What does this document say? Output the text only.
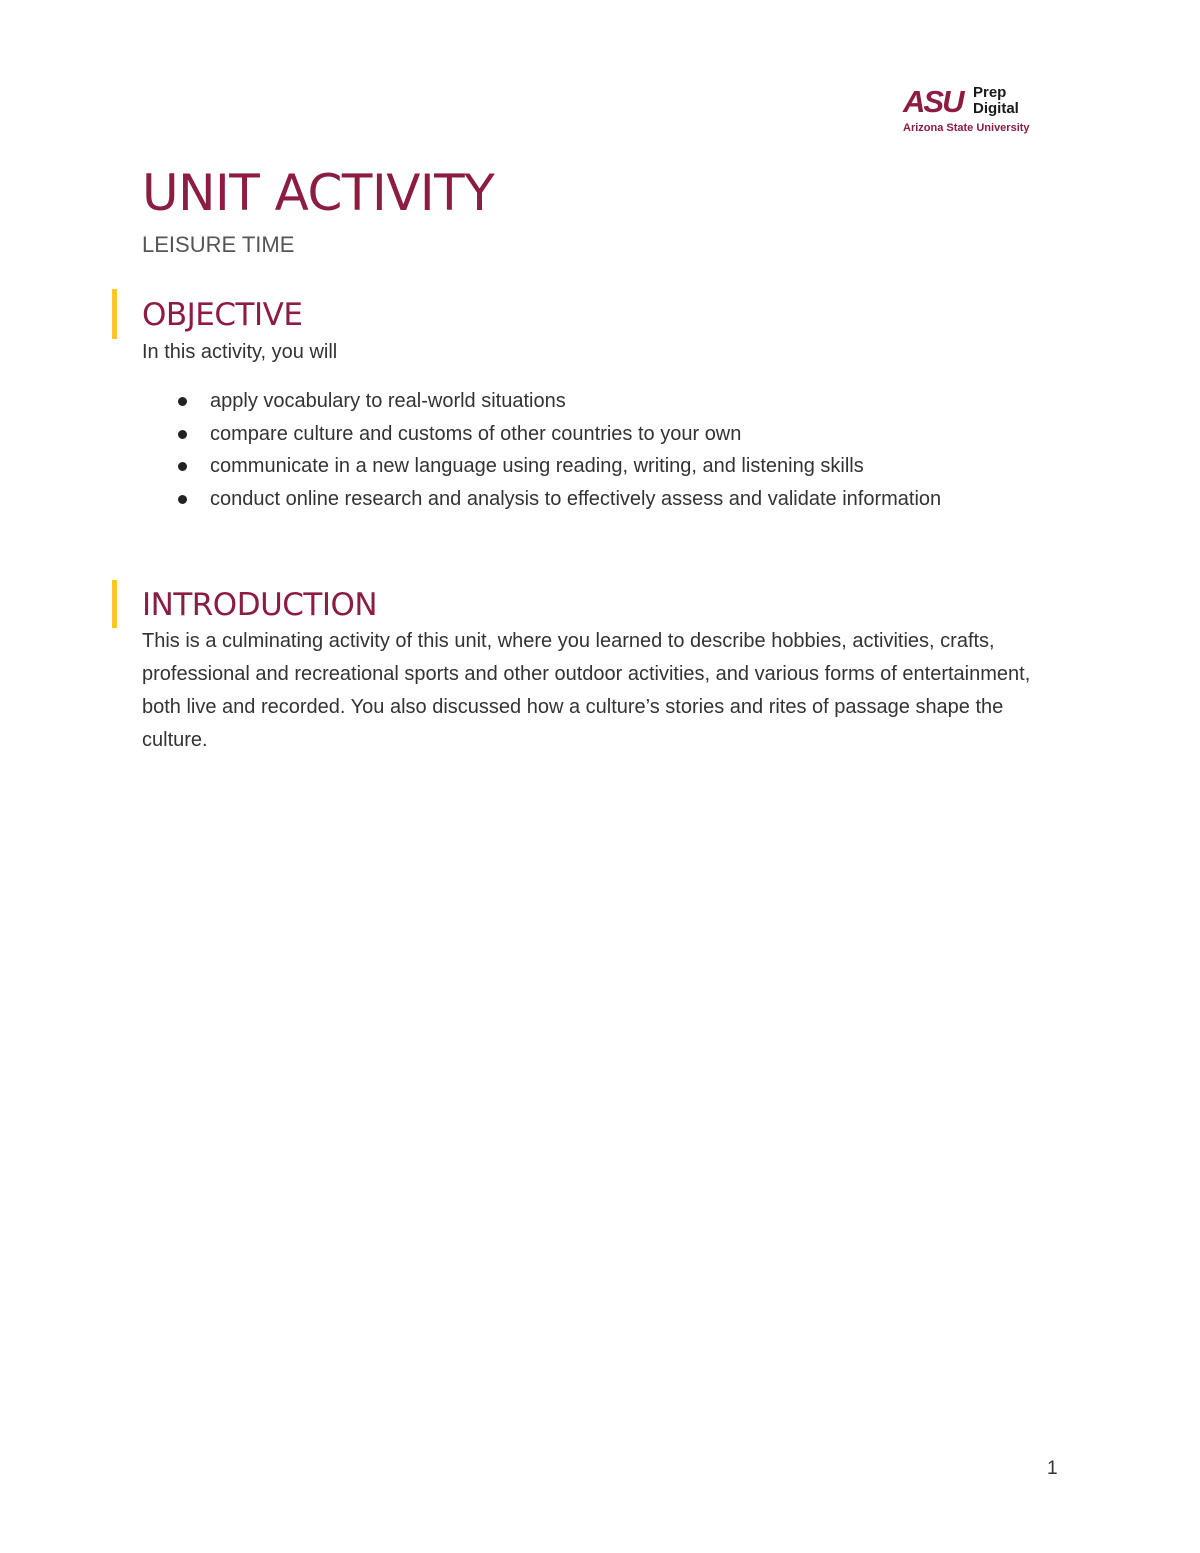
ASU Prep
Digital
Arizona State University
UNIT ACTIVITY
LEISURE TIME
OBJECTIVE

In this activity, you will

apply vocabulary to real-world situations
compare culture and customs of other countries to your own
communicate in a new language using reading, writing, and listening skills
conduct online research and analysis to effectively assess and validate information
INTRODUCTION

This is a culminating activity of this unit, where you learned to describe hobbies, activities, crafts, professional and recreational sports and other outdoor activities, and various forms of entertainment, both live and recorded. You also discussed how a culture’s stories and rites of passage shape the culture.

1
